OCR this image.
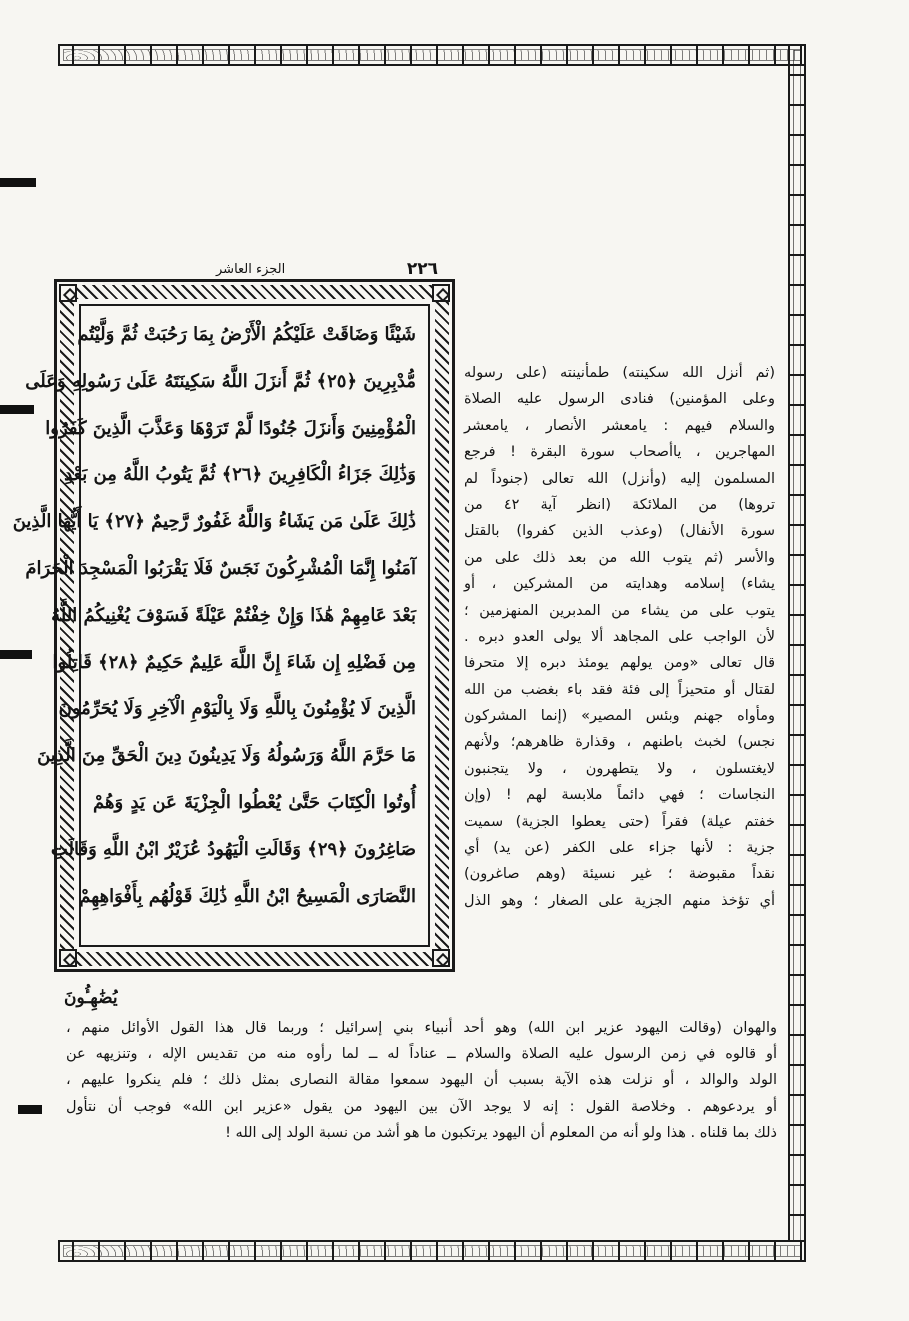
٢٢٦
الجزء العاشر
شَيْئًا وَضَاقَتْ عَلَيْكُمُ الْأَرْضُ بِمَا رَحُبَتْ ثُمَّ وَلَّيْتُم
مُّدْبِرِينَ ﴿٢٥﴾ ثُمَّ أَنزَلَ اللَّهُ سَكِينَتَهُ عَلَىٰ رَسُولِهِ وَعَلَى
الْمُؤْمِنِينَ وَأَنزَلَ جُنُودًا لَّمْ تَرَوْهَا وَعَذَّبَ الَّذِينَ كَفَرُوا
وَذَٰلِكَ جَزَاءُ الْكَافِرِينَ ﴿٢٦﴾ ثُمَّ يَتُوبُ اللَّهُ مِن بَعْدِ
ذَٰلِكَ عَلَىٰ مَن يَشَاءُ وَاللَّهُ غَفُورٌ رَّحِيمٌ ﴿٢٧﴾ يَا أَيُّهَا الَّذِينَ
آمَنُوا إِنَّمَا الْمُشْرِكُونَ نَجَسٌ فَلَا يَقْرَبُوا الْمَسْجِدَ الْحَرَامَ
بَعْدَ عَامِهِمْ هَٰذَا وَإِنْ خِفْتُمْ عَيْلَةً فَسَوْفَ يُغْنِيكُمُ اللَّهُ
مِن فَضْلِهِ إِن شَاءَ إِنَّ اللَّهَ عَلِيمٌ حَكِيمٌ ﴿٢٨﴾ قَاتِلُوا
الَّذِينَ لَا يُؤْمِنُونَ بِاللَّهِ وَلَا بِالْيَوْمِ الْآخِرِ وَلَا يُحَرِّمُونَ
مَا حَرَّمَ اللَّهُ وَرَسُولُهُ وَلَا يَدِينُونَ دِينَ الْحَقِّ مِنَ الَّذِينَ
أُوتُوا الْكِتَابَ حَتَّىٰ يُعْطُوا الْجِزْيَةَ عَن يَدٍ وَهُمْ
صَاغِرُونَ ﴿٢٩﴾ وَقَالَتِ الْيَهُودُ عُزَيْرٌ ابْنُ اللَّهِ وَقَالَتِ
النَّصَارَى الْمَسِيحُ ابْنُ اللَّهِ ذَٰلِكَ قَوْلُهُم بِأَفْوَاهِهِمْ
(ثم أنزل الله سكينته) طمأنينته (على رسوله
وعلى المؤمنين) فنادى الرسول عليه الصلاة
والسلام فيهم : يامعشر الأنصار ، يامعشر
المهاجرين ، ياأصحاب سورة البقرة ! فرجع
المسلمون إليه (وأنزل) الله تعالى (جنوداً لم
تروها) من الملائكة (انظر آية ٤٢ من
سورة الأنفال) (وعذب الذين كفروا) بالقتل
والأسر (ثم يتوب الله من بعد ذلك على من
يشاء) إسلامه وهدايته من المشركين ، أو
يتوب على من يشاء من المدبرين المنهزمين ؛
لأن الواجب على المجاهد ألا يولى العدو دبره .
قال تعالى «ومن يولهم يومئذ دبره إلا متحرفا
لقتال أو متحيزاً إلى فئة فقد باء بغضب من الله
ومأواه جهنم وبئس المصير» (إنما المشركون
نجس) لخبث باطنهم ، وقذارة ظاهرهم؛ ولأنهم
لايغتسلون ، ولا يتطهرون ، ولا يتجنبون
النجاسات ؛ فهي دائماً ملابسة لهم ! (وإن
خفتم عيلة) فقراً (حتى يعطوا الجزية) سميت
جزية : لأنها جزاء على الكفر (عن يد) أي
نقداً مقبوضة ؛ غير نسيئة (وهم صاغرون)
أي تؤخذ منهم الجزية على الصغار ؛ وهو الذل
يُضَٰهِـُٔونَ
والهوان (وقالت اليهود عزير ابن الله) وهو أحد أنبياء بني إسرائيل ؛ وربما قال هذا القول الأوائل منهم ،
أو قالوه في زمن الرسول عليه الصلاة والسلام ــ عناداً له ــ لما رأوه منه من تقديس الإله ، وتنزيهه عن
الولد والوالد ، أو نزلت هذه الآية بسبب أن اليهود سمعوا مقالة النصارى بمثل ذلك ؛ فلم ينكروا عليهم ،
أو يردعوهم . وخلاصة القول : إنه لا يوجد الآن بين اليهود من يقول «عزير ابن الله» فوجب أن نتأول
ذلك بما قلناه . هذا ولو أنه من المعلوم أن اليهود يرتكبون ما هو أشد من نسبة الولد إلى الله !
